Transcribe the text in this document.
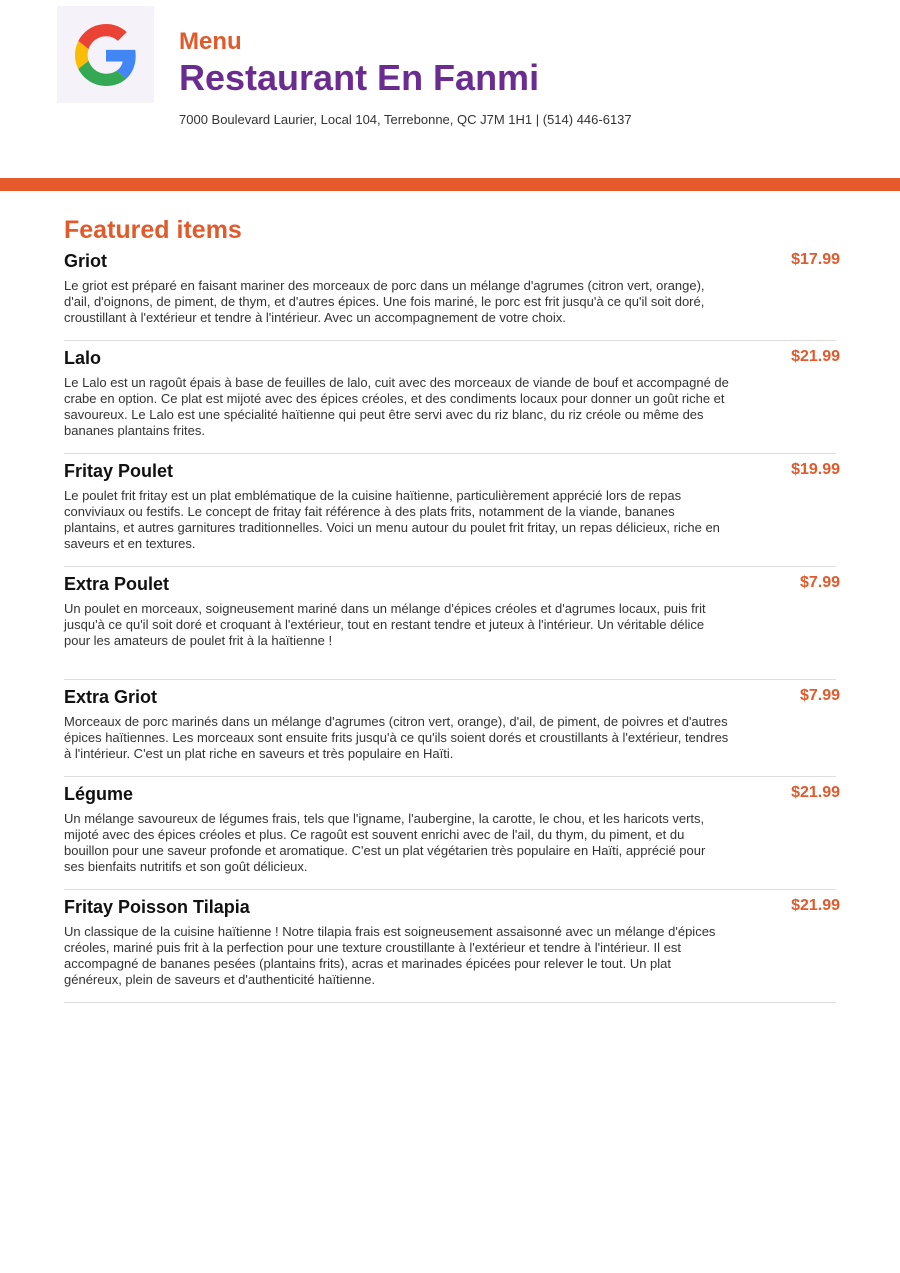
Menu
Restaurant En Fanmi
7000 Boulevard Laurier, Local 104, Terrebonne, QC J7M 1H1 | (514) 446-6137
Featured items
Griot	$17.99
Le griot est préparé en faisant mariner des morceaux de porc dans un mélange d'agrumes (citron vert, orange), d'ail, d'oignons, de piment, de thym, et d'autres épices. Une fois mariné, le porc est frit jusqu'à ce qu'il soit doré, croustillant à l'extérieur et tendre à l'intérieur. Avec un accompagnement de votre choix.
Lalo	$21.99
Le Lalo est un ragoût épais à base de feuilles de lalo, cuit avec des morceaux de viande de bouf et accompagné de crabe en option. Ce plat est mijoté avec des épices créoles, et des condiments locaux pour donner un goût riche et savoureux. Le Lalo est une spécialité haïtienne qui peut être servi avec du riz blanc, du riz créole ou même des bananes plantains frites.
Fritay Poulet	$19.99
Le poulet frit fritay est un plat emblématique de la cuisine haïtienne, particulièrement apprécié lors de repas conviviaux ou festifs. Le concept de fritay fait référence à des plats frits, notamment de la viande, bananes plantains, et autres garnitures traditionnelles. Voici un menu autour du poulet frit fritay, un repas délicieux, riche en saveurs et en textures.
Extra Poulet	$7.99
Un poulet en morceaux, soigneusement mariné dans un mélange d'épices créoles et d'agrumes locaux, puis frit jusqu'à ce qu'il soit doré et croquant à l'extérieur, tout en restant tendre et juteux à l'intérieur. Un véritable délice pour les amateurs de poulet frit à la haïtienne !
Extra Griot	$7.99
Morceaux de porc marinés dans un mélange d'agrumes (citron vert, orange), d'ail, de piment, de poivres et d'autres épices haïtiennes. Les morceaux sont ensuite frits jusqu'à ce qu'ils soient dorés et croustillants à l'extérieur, tendres à l'intérieur. C'est un plat riche en saveurs et très populaire en Haïti.
Légume	$21.99
Un mélange savoureux de légumes frais, tels que l'igname, l'aubergine, la carotte, le chou, et les haricots verts, mijoté avec des épices créoles et plus. Ce ragoût est souvent enrichi avec de l'ail, du thym, du piment, et du bouillon pour une saveur profonde et aromatique. C'est un plat végétarien très populaire en Haïti, apprécié pour ses bienfaits nutritifs et son goût délicieux.
Fritay Poisson Tilapia	$21.99
Un classique de la cuisine haïtienne ! Notre tilapia frais est soigneusement assaisonné avec un mélange d'épices créoles, mariné puis frit à la perfection pour une texture croustillante à l'extérieur et tendre à l'intérieur. Il est accompagné de bananes pesées (plantains frits), acras et marinades épicées pour relever le tout. Un plat généreux, plein de saveurs et d'authenticité haïtienne.
